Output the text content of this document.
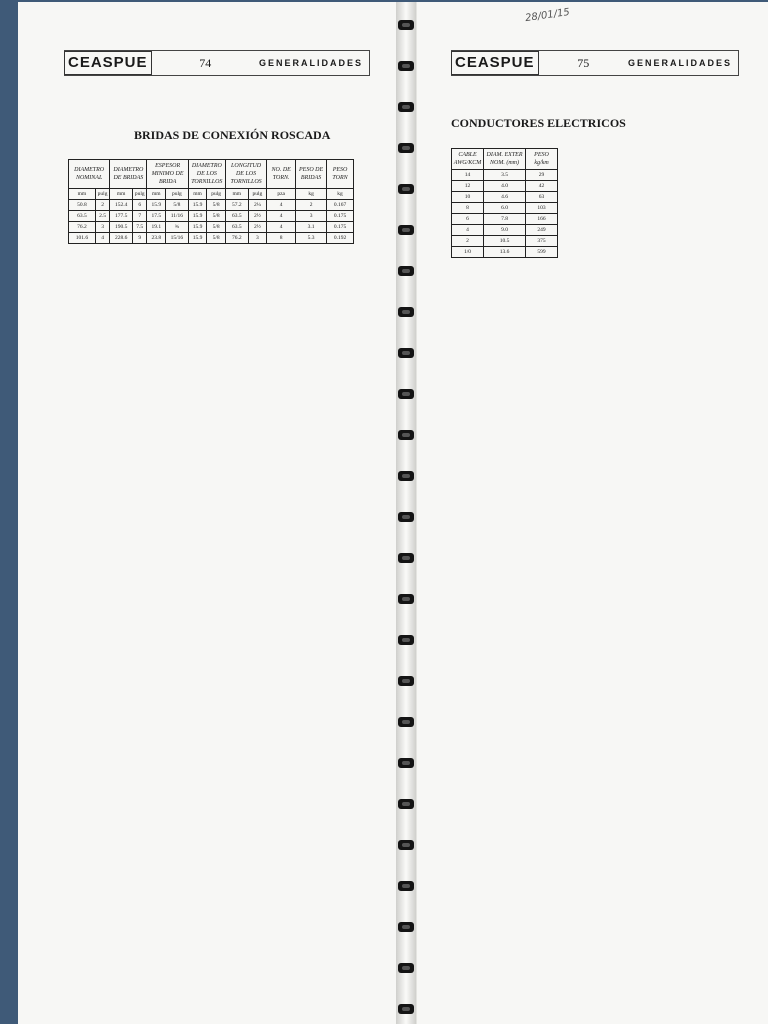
CEASPUE	74	GENERALIDADES
BRIDAS DE CONEXIÓN ROSCADA
DIAMETRO NOMINAL		DIAMETRO DE BRIDAS		ESPESOR MINIMO DE BRIDA		DIAMETRO DE LOS TORNILLOS		LONGITUD DE LOS TORNILLOS		NO. DE TORN.	PESO DE BRIDAS	PESO TORN
mm	pulg	mm	pulg	mm	pulg	mm	pulg	mm	pulg	pza	kg	kg
50.8	2	152.4	6	15.9	5/8	15.9	5/8	57.2	2¼	4	2	0.167
63.5	2.5	177.5	7	17.5	11/16	15.9	5/8	63.5	2½	4	3	0.175
76.2	3	190.5	7.5	19.1	¾	15.9	5/8	63.5	2½	4	3.1	0.175
101.6	4	228.6	9	23.8	15/16	15.9	5/8	76.2	3	8	5.3	0.192
28/01/15
CEASPUE	75	GENERALIDADES
CONDUCTORES ELECTRICOS
CABLE AWG/KCM	DIAM. EXTER NOM. (mm)	PESO kg/km
14	3.5	29
12	4.0	42
10	4.6	63
8	6.0	103
6	7.8	166
4	9.0	249
2	10.5	375
1/0	13.6	599
